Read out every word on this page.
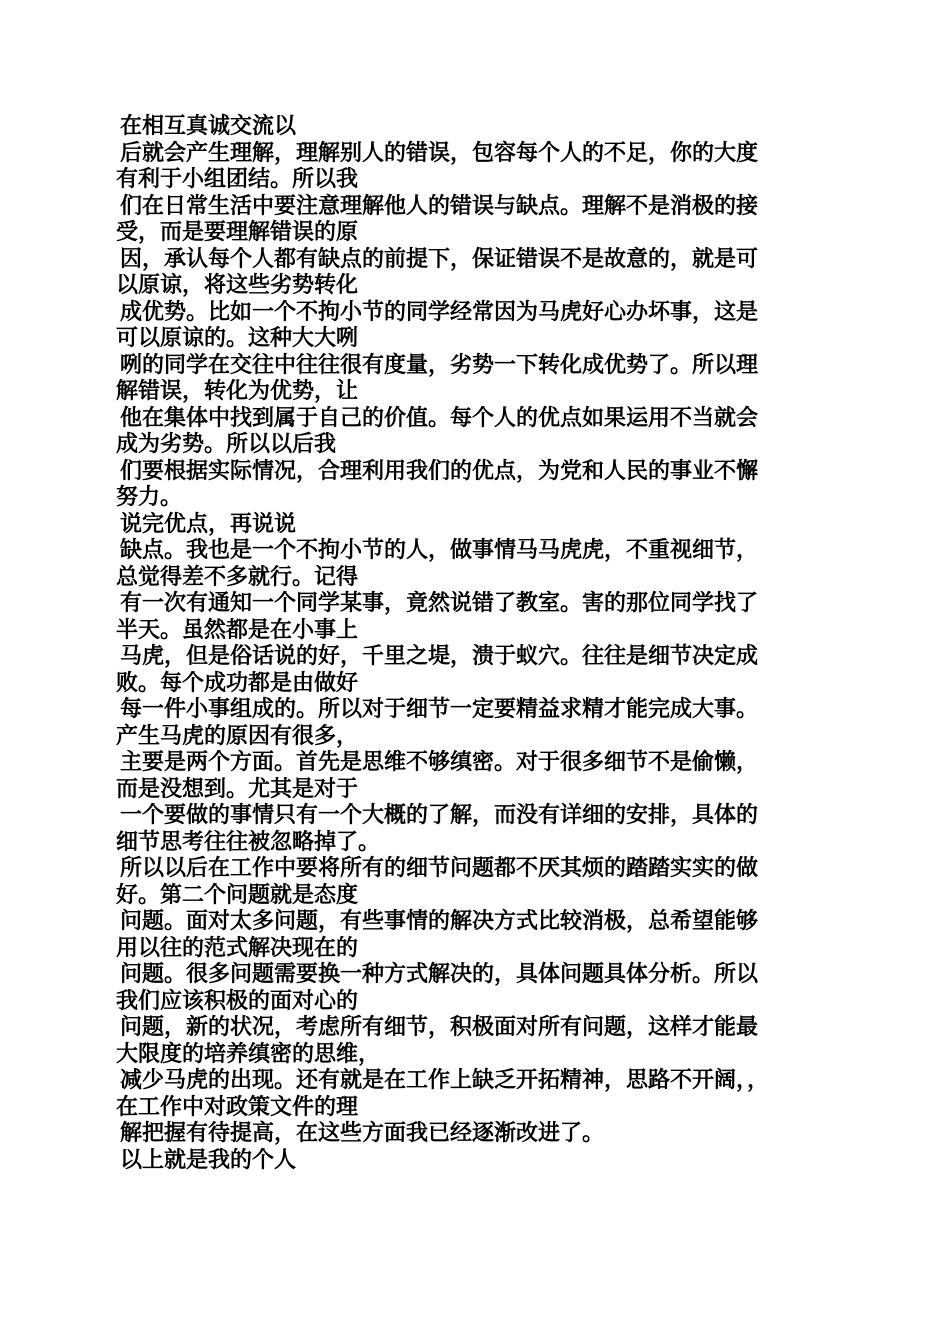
在相互真诚交流以
后就会产生理解，理解别人的错误，包容每个人的不足，你的大度
有利于小组团结。所以我
们在日常生活中要注意理解他人的错误与缺点。理解不是消极的接
受，而是要理解错误的原
因，承认每个人都有缺点的前提下，保证错误不是故意的，就是可
以原谅，将这些劣势转化
成优势。比如一个不拘小节的同学经常因为马虎好心办坏事，这是
可以原谅的。这种大大咧
咧的同学在交往中往往很有度量，劣势一下转化成优势了。所以理
解错误，转化为优势，让
他在集体中找到属于自己的价值。每个人的优点如果运用不当就会
成为劣势。所以以后我
们要根据实际情况，合理利用我们的优点，为党和人民的事业不懈
努力。
说完优点，再说说
缺点。我也是一个不拘小节的人，做事情马马虎虎，不重视细节，
总觉得差不多就行。记得
有一次有通知一个同学某事，竟然说错了教室。害的那位同学找了
半天。虽然都是在小事上
马虎，但是俗话说的好，千里之堤，溃于蚁穴。往往是细节决定成
败。每个成功都是由做好
每一件小事组成的。所以对于细节一定要精益求精才能完成大事。
产生马虎的原因有很多，
主要是两个方面。首先是思维不够缜密。对于很多细节不是偷懒，
而是没想到。尤其是对于
一个要做的事情只有一个大概的了解，而没有详细的安排，具体的
细节思考往往被忽略掉了。
所以以后在工作中要将所有的细节问题都不厌其烦的踏踏实实的做
好。第二个问题就是态度
问题。面对太多问题，有些事情的解决方式比较消极，总希望能够
用以往的范式解决现在的
问题。很多问题需要换一种方式解决的，具体问题具体分析。所以
我们应该积极的面对心的
问题，新的状况，考虑所有细节，积极面对所有问题，这样才能最
大限度的培养缜密的思维，
减少马虎的出现。还有就是在工作上缺乏开拓精神，思路不开阔，，
在工作中对政策文件的理
解把握有待提高，在这些方面我已经逐渐改进了。
以上就是我的个人
